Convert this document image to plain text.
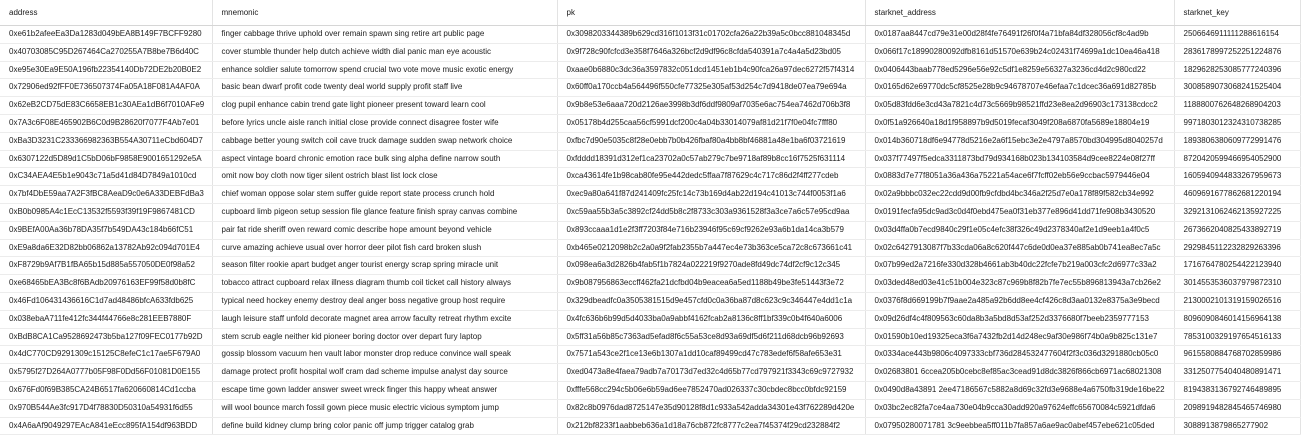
address	mnemonic	pk	starknet_address	starknet_key
0xe61b2afeeEa3Da1283d049bEA8B149F7BCFF9280	finger cabbage thrive uphold over remain spawn sing retire art public page	0x3098203344389b629cd316f1013f31c01702cfa26a22b39a5c0bcc881048345d	0x0187aa8447cd79e31e00d28f4fe76491f26f0f4a71bfa84df328056cf8c4ad9b	2506646911111288616154
0x40703085C95D267464Ca270255A7B8be7B6d40C	cover stumble thunder help dutch achieve width dial panic man eye acoustic	0x9f728c90fcfcd3e358f7646a326bcf2d9df96c8cfda540391a7c4a4a5d23bd05	0x066f17c18990280092dfb8161d51570e639b24c02431f74699a1dc10ea46a418	2836178997252251224876
0xe95e30Ea9E50A196fb22354140Db72DE2b20B0E2	enhance soldier salute tomorrow spend crucial two vote move music exotic energy	0xaae0b6880c3dc36a3597832c051dcd1451eb1b4c90fca26a97dec6272f57f4314	0x0406443baab778ed5296e56e92c5df1e8259e56327a3236cd4d2c980cd22	1829628253085777240396
0x72906ed92fFF0E736507374Fa05A18F081A4AF0A	basic bean dwarf profit code twenty deal world supply profit staff live	0x60ff0a170ccb4a564496f550cfe77325e305af53d254c7d9418de07ea79e694a	0x0165d62e69770dc5cf8525e28b9c94678707e46efaa7c1dcec36a691d82785b	3008589073068241525404
0x62eB2CD75dE83C6658EB1c30AEa1dB6f7010AFe9	clog pupil enhance cabin trend gate light pioneer present toward learn cool	0x9b8e53e6aaa720d2126ae3998b3df6ddf9809af7035e6ac754ea7462d706b3f8	0x05d83fdd6e3cd43a7821c4d73c5669b98521ffd23e8ea2d96903c173138cdcc2	1188800762648268904203
0x7A3c6F08E465902B6C0d9B28620f7077F4Ab7e01	before lyrics uncle aisle ranch initial close provide connect disagree foster wife	0x05178b4d255caa56cf5991dcf200c4a04b33014079af81d21f7f0e04fc7fff80	0x0f51a926640a18d1f958897b9d5019fecaf3049f208a6870fa5689e18804e19	9971803012324310738285
0xBa3D3231C233366982363B554A30711eCbd604D7	cabbage better young switch coil cave truck damage sudden swap network choice	0xfbc7d90e5035c8f28e0ebb7b0b426fbaf80a4bb8bf46881a48e1ba6f03721619	0x014b360718df6e94778d5216e2a6f15ebc3e2e4797a8570bd304995d8040257d	1893806380609772991476
0x6307122d5D89d1C5bD06bF9858E9001651292e5A	aspect vintage board chronic emotion race bulk sing alpha define narrow south	0xfdddd18391d312ef1ca23702a0c57ab279c7be9718af89b8cc16f7525f631114	0x037f77497f5edca3311873bd79d934168b023b134103584d9cee8224e08f27ff	8720420599466954052900
0xC34AEA4E5b1e9043c71a5d41d84D7849a1010cd	omit now boy cloth now tiger silent ostrich blast list lock close	0xca43614fe1b98cab80fe95e442dedc5ffaa7f87629c4c717c86d2f4ff277cdeb	0x0883d7e77f8051a36a436a75221a54ace6f7fcff02eb56e9ccbac5979446e04	1605940944833267959673
0x7bf4DbE59aa7A2F3fBC8AeaD9c0e6A33DEBFdBa3	chief woman oppose solar stem suffer guide report state process crunch hold	0xec9a80a641f87d241409fc25fc14c73b169d4ab22d194c41013c744f0053f1a6	0x02a9bbbc032ec22cdd9d00fb9cfdbd4bc346a2f25d7e0a178f89f582cb34e992	4609691677862681220194
0xB0b0985A4c1EcC13532f5593f39f19F9867481CD	cupboard limb pigeon setup session file glance feature finish spray canvas combine	0xc59aa55b3a5c3892cf24dd5b8c2f8733c303a9361528f3a3ce7a6c57e95cd9aa	0x0191fecfa95dc9ad3c0d4f0ebd475ea0f31eb377e896d41dd71fe908b3430520	3292131062462135927225
0x9BEfA00Aa36b78DA35f7b549DA43c184b66fC51	pair fat ride sheriff oven reward comic describe hope amount beyond vehicle	0x893ccaaa1d1e2f3ff7203f84e716b23946f95c69cf9262e93a6b1da14ca3b579	0x03d4ffa0b7ecd9840c29f1e05c4efc38f326c49d2378340af2e1d9eeb1a4f0c5	2673662040825433892719
0xE9a8da6E32D82bb06862a13782Ab92c094d701E4	curve amazing achieve usual over horror deer pilot fish card broken slush	0xb465e0212098b2c2a0a9f2fab2355b7a447ec4e73b363ce5ca72c8c673661c41	0x02c6427913087f7b33cda06a8c620f447c6de0d0ea37e885ab0b741ea8ec7a5c	2929845112232829263396
0xF8729b9Af7B1fBA65b15d885a557050DE0f98a52	season filter rookie apart budget anger tourist energy scrap spring miracle unit	0x098ea6a3d2826b4fab5f1b7824a022219f9270ade8fd49dc74df2cf9c12c345	0x07b99ed2a7216fe330d328b4661ab3b40dc22fcfe7b219a003cfc2d6977c33a2	1716764780254422123940
0xe68465bEA3Bc8f6BAdb20976163EF99f58d0b8fC	tobacco attract cupboard relax illness diagram thumb coil ticket call history always	0x9b087956863eccff462fa21dcfbd04b9eacea6a5ed1188b49be3fe51443f3e72	0x03ded48ed03e41c51b004e323c87c969b8f82b7fe7ec55b896813943a7cb26e2	3014553536037979872310
0x46Fd106431436616C1d7ad48486bfcA633fdb625	typical need hockey enemy destroy deal anger boss negative group host require	0x329dbeadfc0a3505381515d9e457cfd0c0a36ba87d8c623c9c346447e4dd1c1a	0x0376f8d669199b7f9aae2a485a92b6dd8ee4cf426c8d3aa0132e8375a3e9becd	2130002101319159026516
0x038ebaA711fe412fc344f44766e8c281EEB7880F	laugh leisure staff unfold decorate magnet area arrow faculty retreat rhythm excite	0x4fc636b6b99d5d4033ba0a9abbf4162fcab2a8136c8ff1bf339c0b4f640a6006	0x09d26df4c4f809563c60da8b3a5bd8d53af252d3376680f7beeb2359777153	8096090846014156964138
0xBdB8CA1Ca9528692473b5ba127f09FEC0177b92D	stem scrub eagle neither kid pioneer boring doctor over depart fury laptop	0x5ff31a56b85c7363ad5efad8f6c55a53ce8d93a69df5d6f211d68dcb96b92693	0x01590b10ed19325eca3f6a7432fb2d14d248ec9af30e986f74b0a9b825c131e7	7853100329197654516133
0x4dC770CD9291309c15125C8efeC1c17ae5F679A0	gossip blossom vacuum hen vault labor monster drop reduce convince wall speak	0x7571a543ce2f1ce13e6b1307a1dd10caf89499cd47c783edef6f58afe653e31	0x0334ace443b9806c4097333cbf736d284532477604f2f3c036d3291880cb05c0	9615580884768702859986
0x5795f27D264A0777b05F98F0Dd56F01081D0E155	damage protect profit hospital wolf cram dad scheme impulse analyst day source	0xed0473a8e4faea79adb7a70173d7ed32c4d65b77cd797921f3343c69c9727932	0x02683801 6ccea205b0cebc8ef85ac3cead91d8dc3826f866cb6971ac68021308	3312507754040480891471
0x676Fd0f69B385CA24B6517fa620660814Cd1ccba	escape time gown ladder answer sweet wreck finger this happy wheat answer	0xfffe568cc294c5b06e6b59ad6ee7852470ad026337c30cbdec8bcc0bfdc92159	0x0490d8a43891 2ee47186567c5882a8d69c32fd3e9688e4a6750fb319de16be22	8194383136792746489895
0x970B544Ae3fc917D4f78830D50310a54931f6d55	will wool bounce march fossil gown piece music electric vicious symptom jump	0x82c8b0976dad8725147e35d90128f8d1c933a542adda34301e43f762289d420e	0x03bc2ec82fa7ce4aa730e04b9cca30add920a97624effc65670084c5921dfda6	2098919482845465746980
0x4A6aAf9049297EAcA841eEcc895fA154df963BDD	define build kidney clump bring color panic off jump trigger catalog grab	0x212bf8233f1aabbeb636a1d18a76cb872fc8777c2ea7f45374f29cd232884f2	0x07950280071781 3c9eebbea5ff011b7fa857a6ae9ac0abef457ebe621c05ded	3088913879865277902
